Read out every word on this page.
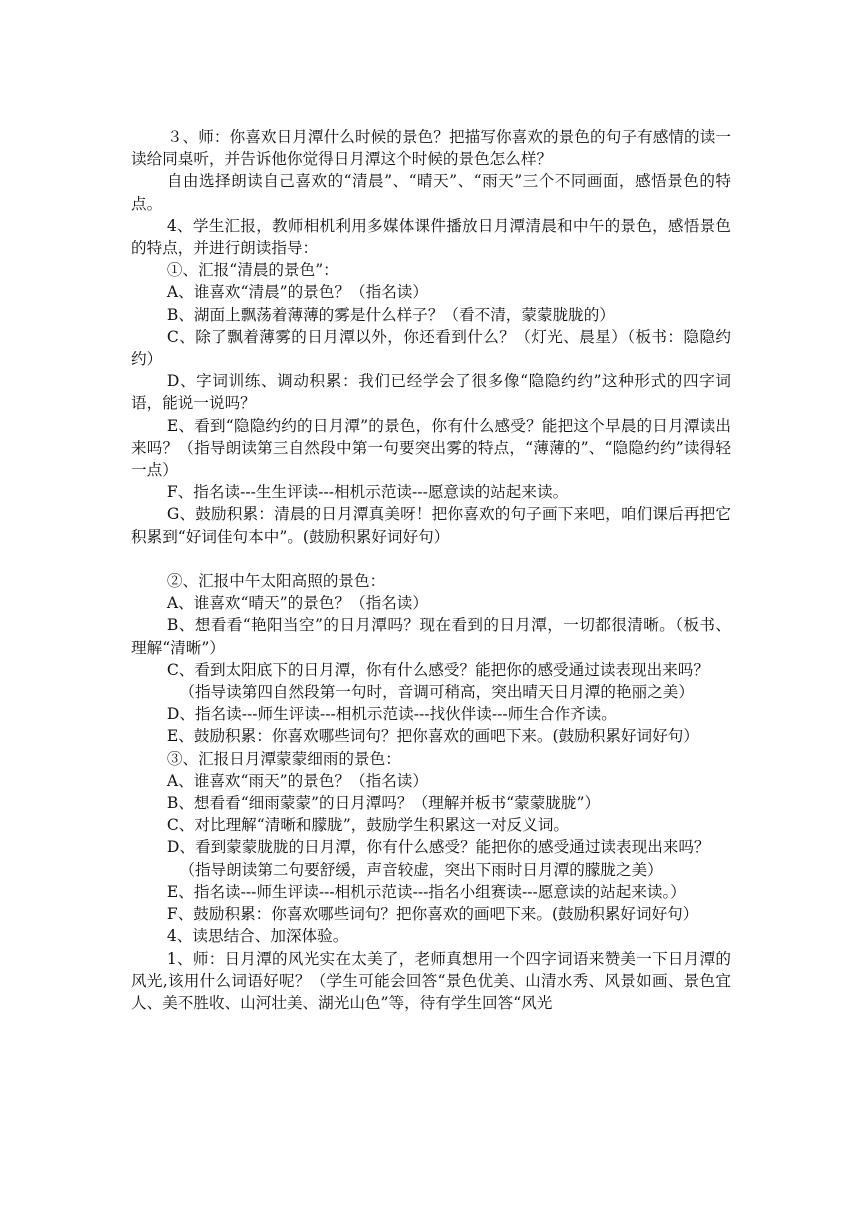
３、师：你喜欢日月潭什么时候的景色？把描写你喜欢的景色的句子有感情的读一读给同桌听，并告诉他你觉得日月潭这个时候的景色怎么样？

自由选择朗读自己喜欢的“清晨”、“晴天”、“雨天”三个不同画面，感悟景色的特点。

4、学生汇报，教师相机利用多媒体课件播放日月潭清晨和中午的景色，感悟景色的特点，并进行朗读指导：

①、汇报“清晨的景色”：

A、谁喜欢“清晨”的景色？（指名读）

B、湖面上飘荡着薄薄的雾是什么样子？（看不清，蒙蒙胧胧的）

C、除了飘着薄雾的日月潭以外，你还看到什么？（灯光、晨星）（板书：隐隐约约）

D、字词训练、调动积累：我们已经学会了很多像“隐隐约约”这种形式的四字词语，能说一说吗？

E、看到“隐隐约约的日月潭”的景色，你有什么感受？能把这个早晨的日月潭读出来吗？（指导朗读第三自然段中第一句要突出雾的特点，“薄薄的”、“隐隐约约”读得轻一点）

F、指名读---生生评读---相机示范读---愿意读的站起来读。

G、鼓励积累：清晨的日月潭真美呀！把你喜欢的句子画下来吧，咱们课后再把它积累到“好词佳句本中”。(鼓励积累好词好句）

②、汇报中午太阳高照的景色：

A、谁喜欢“晴天”的景色？（指名读）

B、想看看“艳阳当空”的日月潭吗？现在看到的日月潭，一切都很清晰。（板书、理解“清晰”）

C、看到太阳底下的日月潭，你有什么感受？能把你的感受通过读表现出来吗？

（指导读第四自然段第一句时，音调可稍高，突出晴天日月潭的艳丽之美）

D、指名读---师生评读---相机示范读---找伙伴读---师生合作齐读。

E、鼓励积累：你喜欢哪些词句？把你喜欢的画吧下来。(鼓励积累好词好句）

③、汇报日月潭蒙蒙细雨的景色：

A、谁喜欢“雨天”的景色？（指名读）

B、想看看“细雨蒙蒙”的日月潭吗？（理解并板书“蒙蒙胧胧”）

C、对比理解“清晰和朦胧”，鼓励学生积累这一对反义词。

D、看到蒙蒙胧胧的日月潭，你有什么感受？能把你的感受通过读表现出来吗？

（指导朗读第二句要舒缓，声音较虚，突出下雨时日月潭的朦胧之美）

E、指名读---师生评读---相机示范读---指名小组赛读---愿意读的站起来读。）

F、鼓励积累：你喜欢哪些词句？把你喜欢的画吧下来。(鼓励积累好词好句）

4、读思结合、加深体验。

1、师：日月潭的风光实在太美了，老师真想用一个四字词语来赞美一下日月潭的风光,该用什么词语好呢？（学生可能会回答“景色优美、山清水秀、风景如画、景色宜人、美不胜收、山河壮美、湖光山色”等，待有学生回答“风光
